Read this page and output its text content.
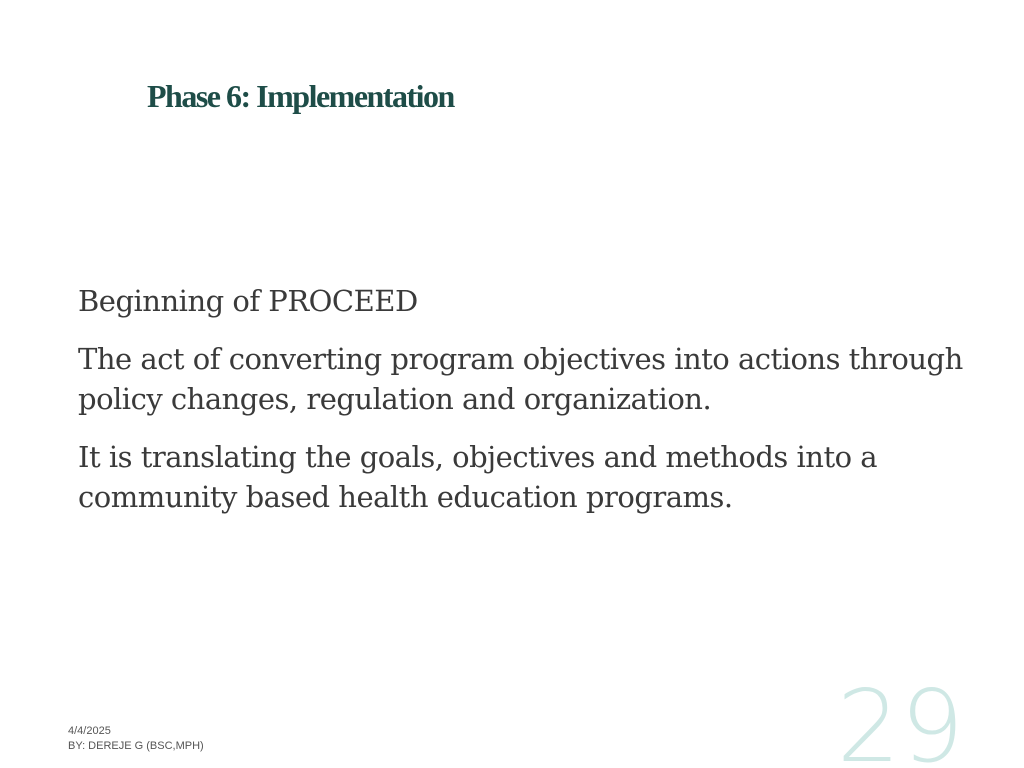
Phase 6: Implementation

Beginning of PROCEED

The act of converting program objectives into actions through policy changes, regulation and organization.

It is translating the goals, objectives and methods into a community based health education programs.

4/4/2025
BY: DEREJE G (BSC,MPH)	29
